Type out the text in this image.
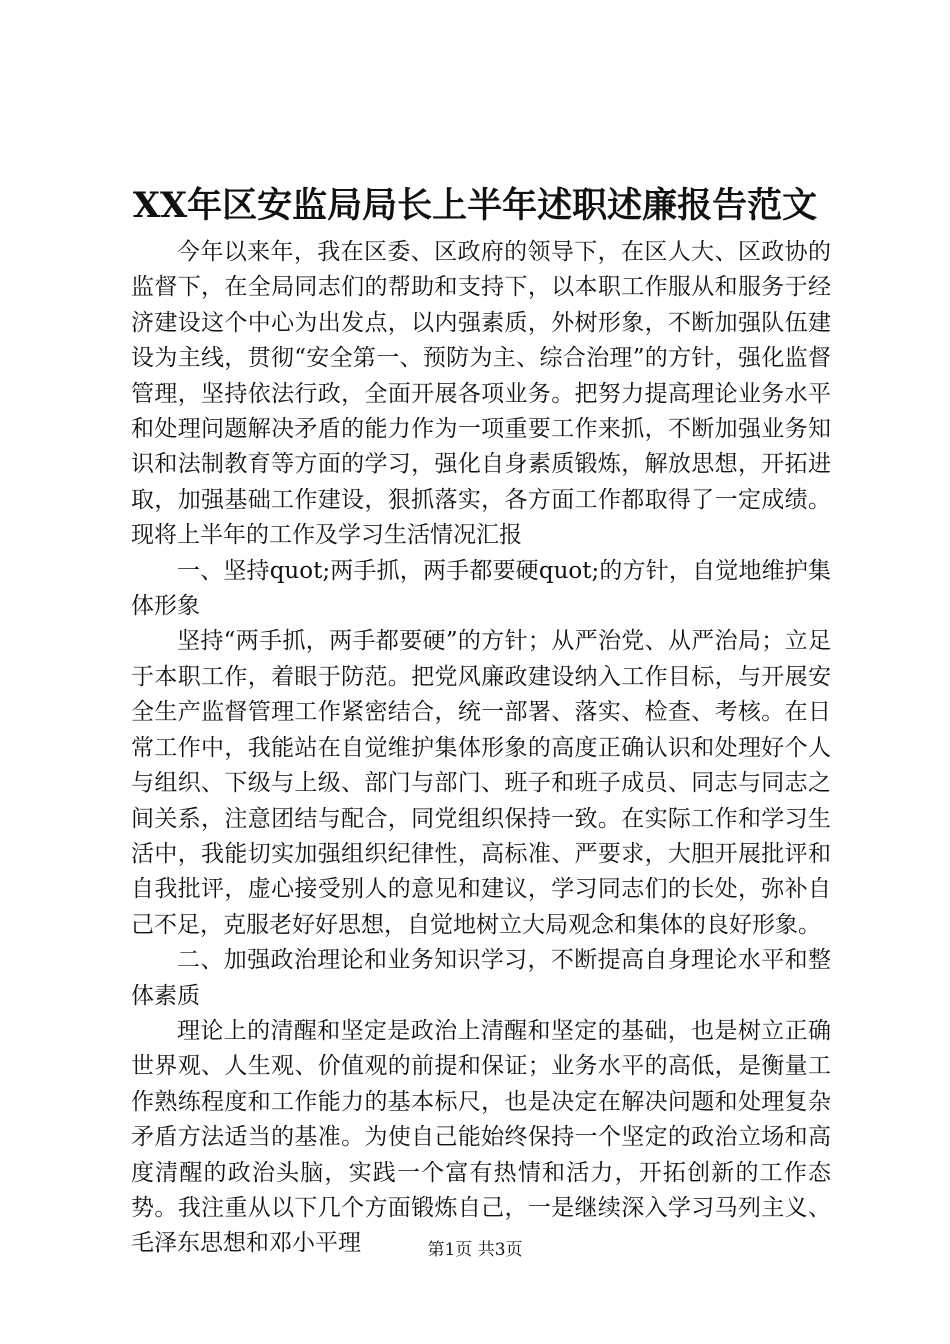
XX年区安监局局长上半年述职述廉报告范文

今年以来年，我在区委、区政府的领导下，在区人大、区政协的监督下，在全局同志们的帮助和支持下，以本职工作服从和服务于经济建设这个中心为出发点，以内强素质，外树形象，不断加强队伍建设为主线，贯彻“安全第一、预防为主、综合治理”的方针，强化监督管理，坚持依法行政，全面开展各项业务。把努力提高理论业务水平和处理问题解决矛盾的能力作为一项重要工作来抓，不断加强业务知识和法制教育等方面的学习，强化自身素质锻炼，解放思想，开拓进取，加强基础工作建设，狠抓落实，各方面工作都取得了一定成绩。现将上半年的工作及学习生活情况汇报

一、坚持quot;两手抓，两手都要硬quot;的方针，自觉地维护集体形象

坚持“两手抓，两手都要硬”的方针；从严治党、从严治局；立足于本职工作，着眼于防范。把党风廉政建设纳入工作目标，与开展安全生产监督管理工作紧密结合，统一部署、落实、检查、考核。在日常工作中，我能站在自觉维护集体形象的高度正确认识和处理好个人与组织、下级与上级、部门与部门、班子和班子成员、同志与同志之间关系，注意团结与配合，同党组织保持一致。在实际工作和学习生活中，我能切实加强组织纪律性，高标准、严要求，大胆开展批评和自我批评，虚心接受别人的意见和建议，学习同志们的长处，弥补自己不足，克服老好好思想，自觉地树立大局观念和集体的良好形象。

二、加强政治理论和业务知识学习，不断提高自身理论水平和整体素质

理论上的清醒和坚定是政治上清醒和坚定的基础，也是树立正确世界观、人生观、价值观的前提和保证；业务水平的高低，是衡量工作熟练程度和工作能力的基本标尺，也是决定在解决问题和处理复杂矛盾方法适当的基准。为使自己能始终保持一个坚定的政治立场和高度清醒的政治头脑，实践一个富有热情和活力，开拓创新的工作态势。我注重从以下几个方面锻炼自己，一是继续深入学习马列主义、毛泽东思想和邓小平理	第1页 共3页
